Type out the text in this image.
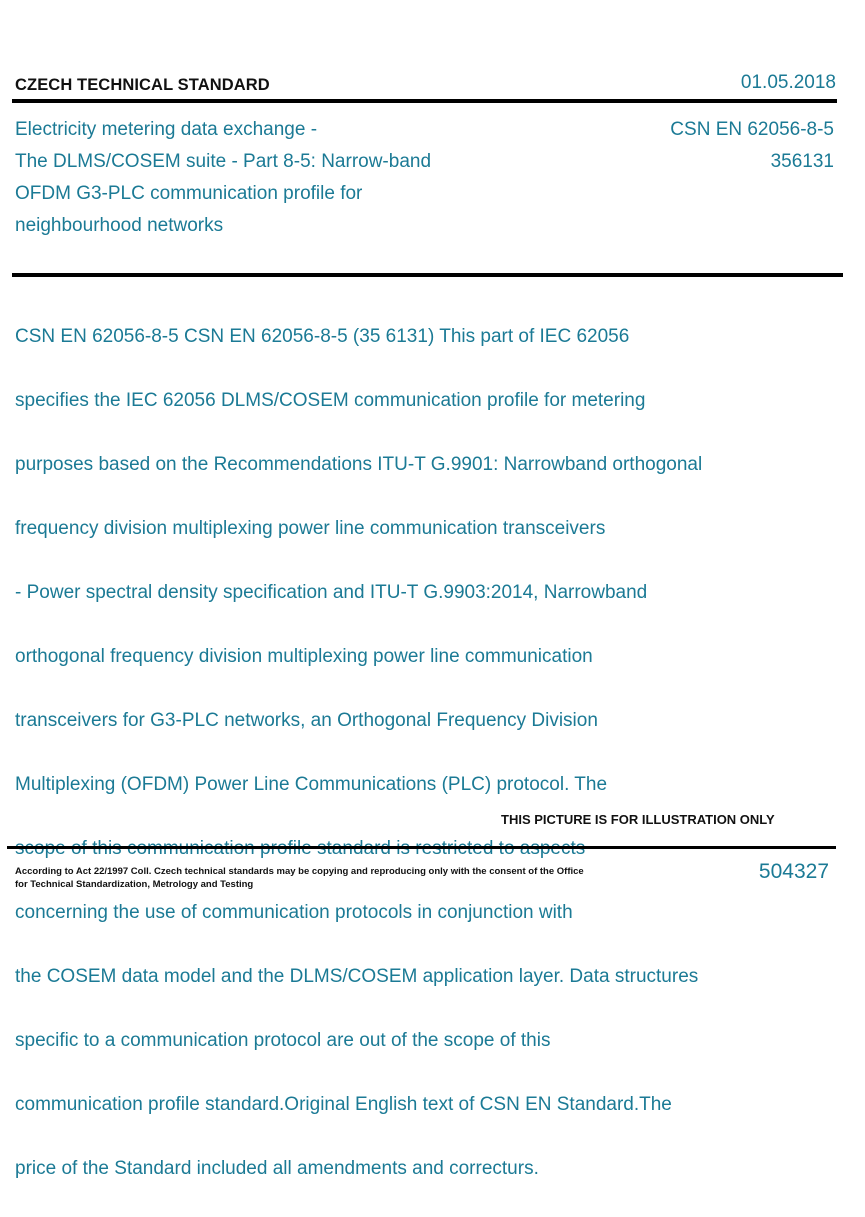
CZECH TECHNICAL STANDARD	01.05.2018
Electricity metering data exchange -
The DLMS/COSEM suite - Part 8-5: Narrow-band
OFDM G3-PLC communication profile for
neighbourhood networks
CSN EN 62056-8-5
356131

CSN EN 62056-8-5 CSN EN 62056-8-5 (35 6131) This part of IEC 62056

specifies the IEC 62056 DLMS/COSEM communication profile for metering

purposes based on the Recommendations ITU-T G.9901: Narrowband orthogonal

frequency division multiplexing power line communication transceivers

- Power spectral density specification and ITU-T G.9903:2014, Narrowband

orthogonal frequency division multiplexing power line communication

transceivers for G3-PLC networks, an Orthogonal Frequency Division

Multiplexing (OFDM) Power Line Communications (PLC) protocol. The

concerning the use of communication protocols in conjunction with

the COSEM data model and the DLMS/COSEM application layer. Data structures

specific to a communication protocol are out of the scope of this

communication profile standard.Original English text of CSN EN Standard.The

price of the Standard included all amendments and correcturs.

THIS PICTURE IS FOR ILLUSTRATION ONLY
According to Act 22/1997 Coll. Czech technical standards may be copying and reproducing only with the consent of the Office
for Technical Standardization, Metrology and Testing
504327
